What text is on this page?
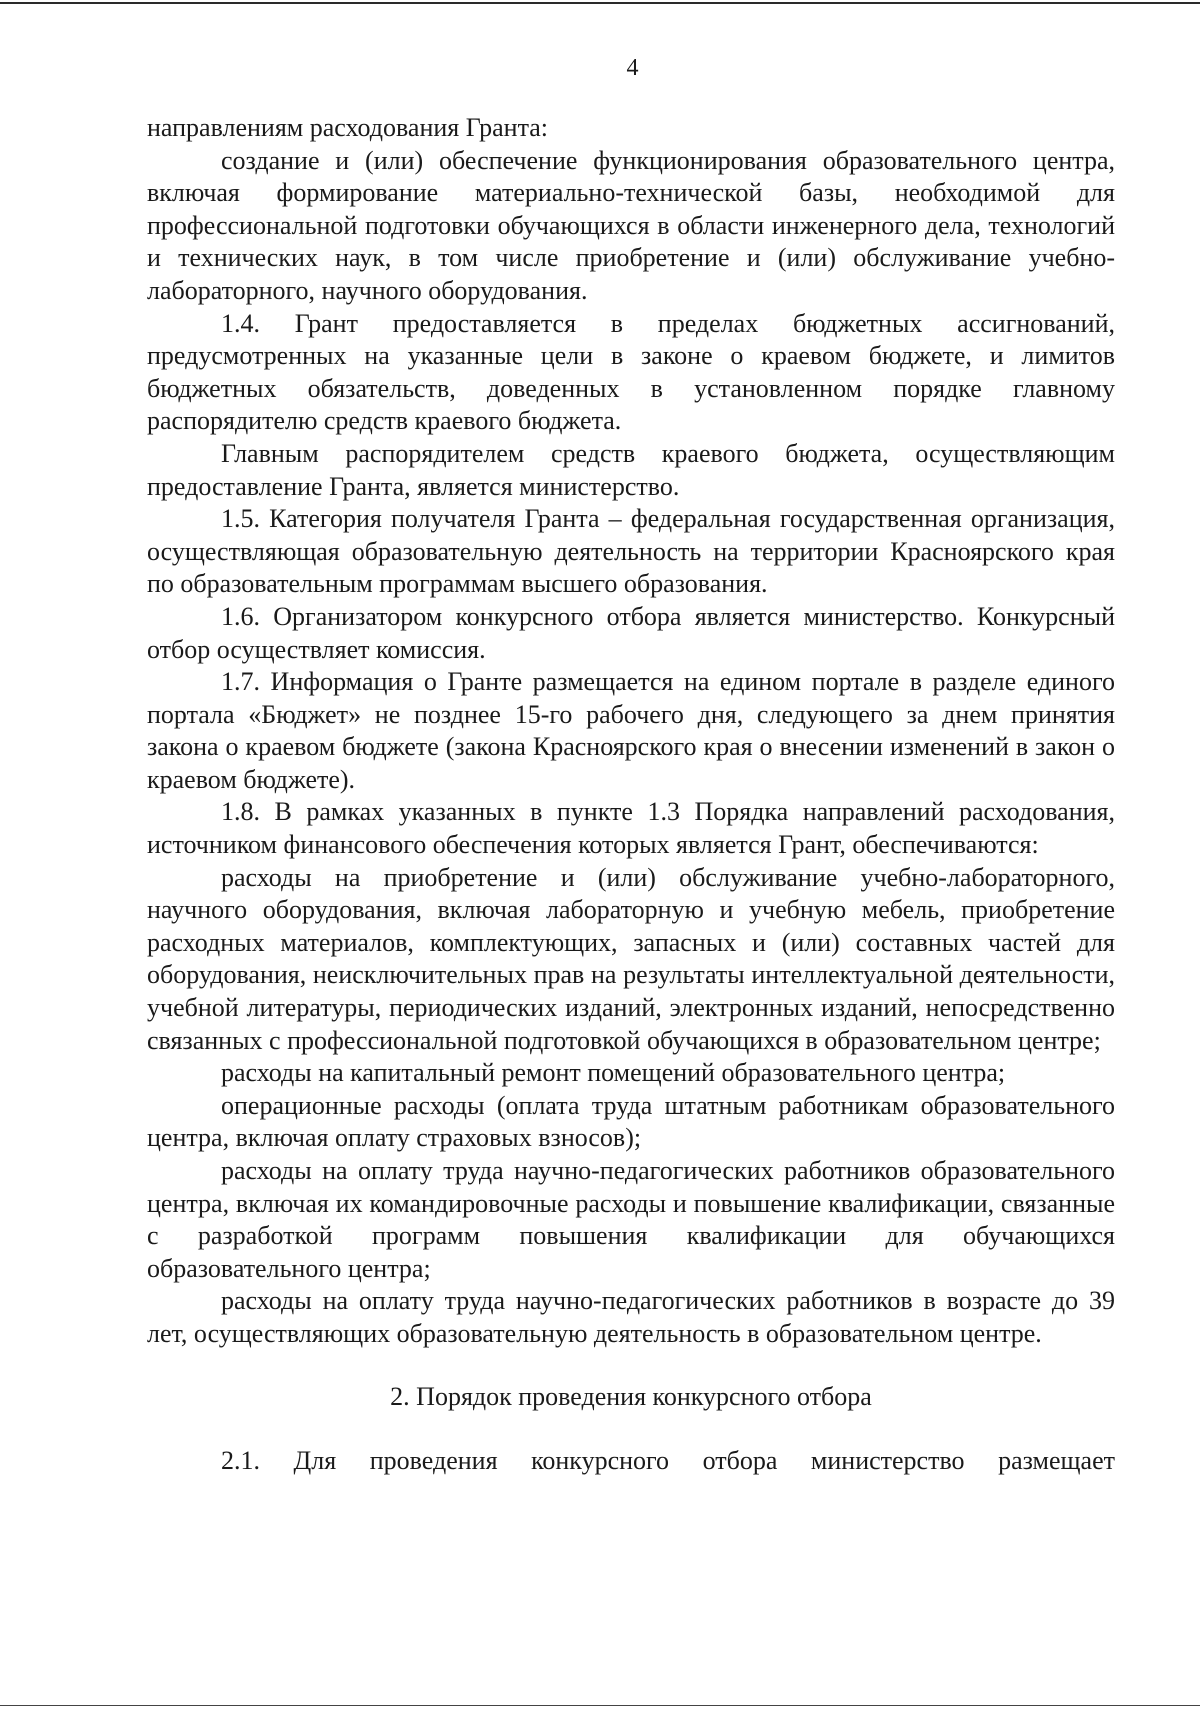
4

направлениям расходования Гранта:

создание и (или) обеспечение функционирования образовательного центра, включая формирование материально-технической базы, необходимой для профессиональной подготовки обучающихся в области инженерного дела, технологий и технических наук, в том числе приобретение и (или) обслуживание учебно-лабораторного, научного оборудования.

1.4. Грант предоставляется в пределах бюджетных ассигнований, предусмотренных на указанные цели в законе о краевом бюджете, и лимитов бюджетных обязательств, доведенных в установленном порядке главному распорядителю средств краевого бюджета.

Главным распорядителем средств краевого бюджета, осуществляющим предоставление Гранта, является министерство.

1.5. Категория получателя Гранта – федеральная государственная организация, осуществляющая образовательную деятельность на территории Красноярского края по образовательным программам высшего образования.

1.6. Организатором конкурсного отбора является министерство. Конкурсный отбор осуществляет комиссия.

1.7. Информация о Гранте размещается на едином портале в разделе единого портала «Бюджет» не позднее 15-го рабочего дня, следующего за днем принятия закона о краевом бюджете (закона Красноярского края о внесении изменений в закон о краевом бюджете).

1.8. В рамках указанных в пункте 1.3 Порядка направлений расходования, источником финансового обеспечения которых является Грант, обеспечиваются:

расходы на приобретение и (или) обслуживание учебно-лабораторного, научного оборудования, включая лабораторную и учебную мебель, приобретение расходных материалов, комплектующих, запасных и (или) составных частей для оборудования, неисключительных прав на результаты интеллектуальной деятельности, учебной литературы, периодических изданий, электронных изданий, непосредственно связанных с профессиональной подготовкой обучающихся в образовательном центре;

расходы на капитальный ремонт помещений образовательного центра;

операционные расходы (оплата труда штатным работникам образовательного центра, включая оплату страховых взносов);

расходы на оплату труда научно-педагогических работников образовательного центра, включая их командировочные расходы и повышение квалификации, связанные с разработкой программ повышения квалификации для обучающихся образовательного центра;

расходы на оплату труда научно-педагогических работников в возрасте до 39 лет, осуществляющих образовательную деятельность в образовательном центре.

2. Порядок проведения конкурсного отбора

2.1. Для проведения конкурсного отбора министерство размещает
